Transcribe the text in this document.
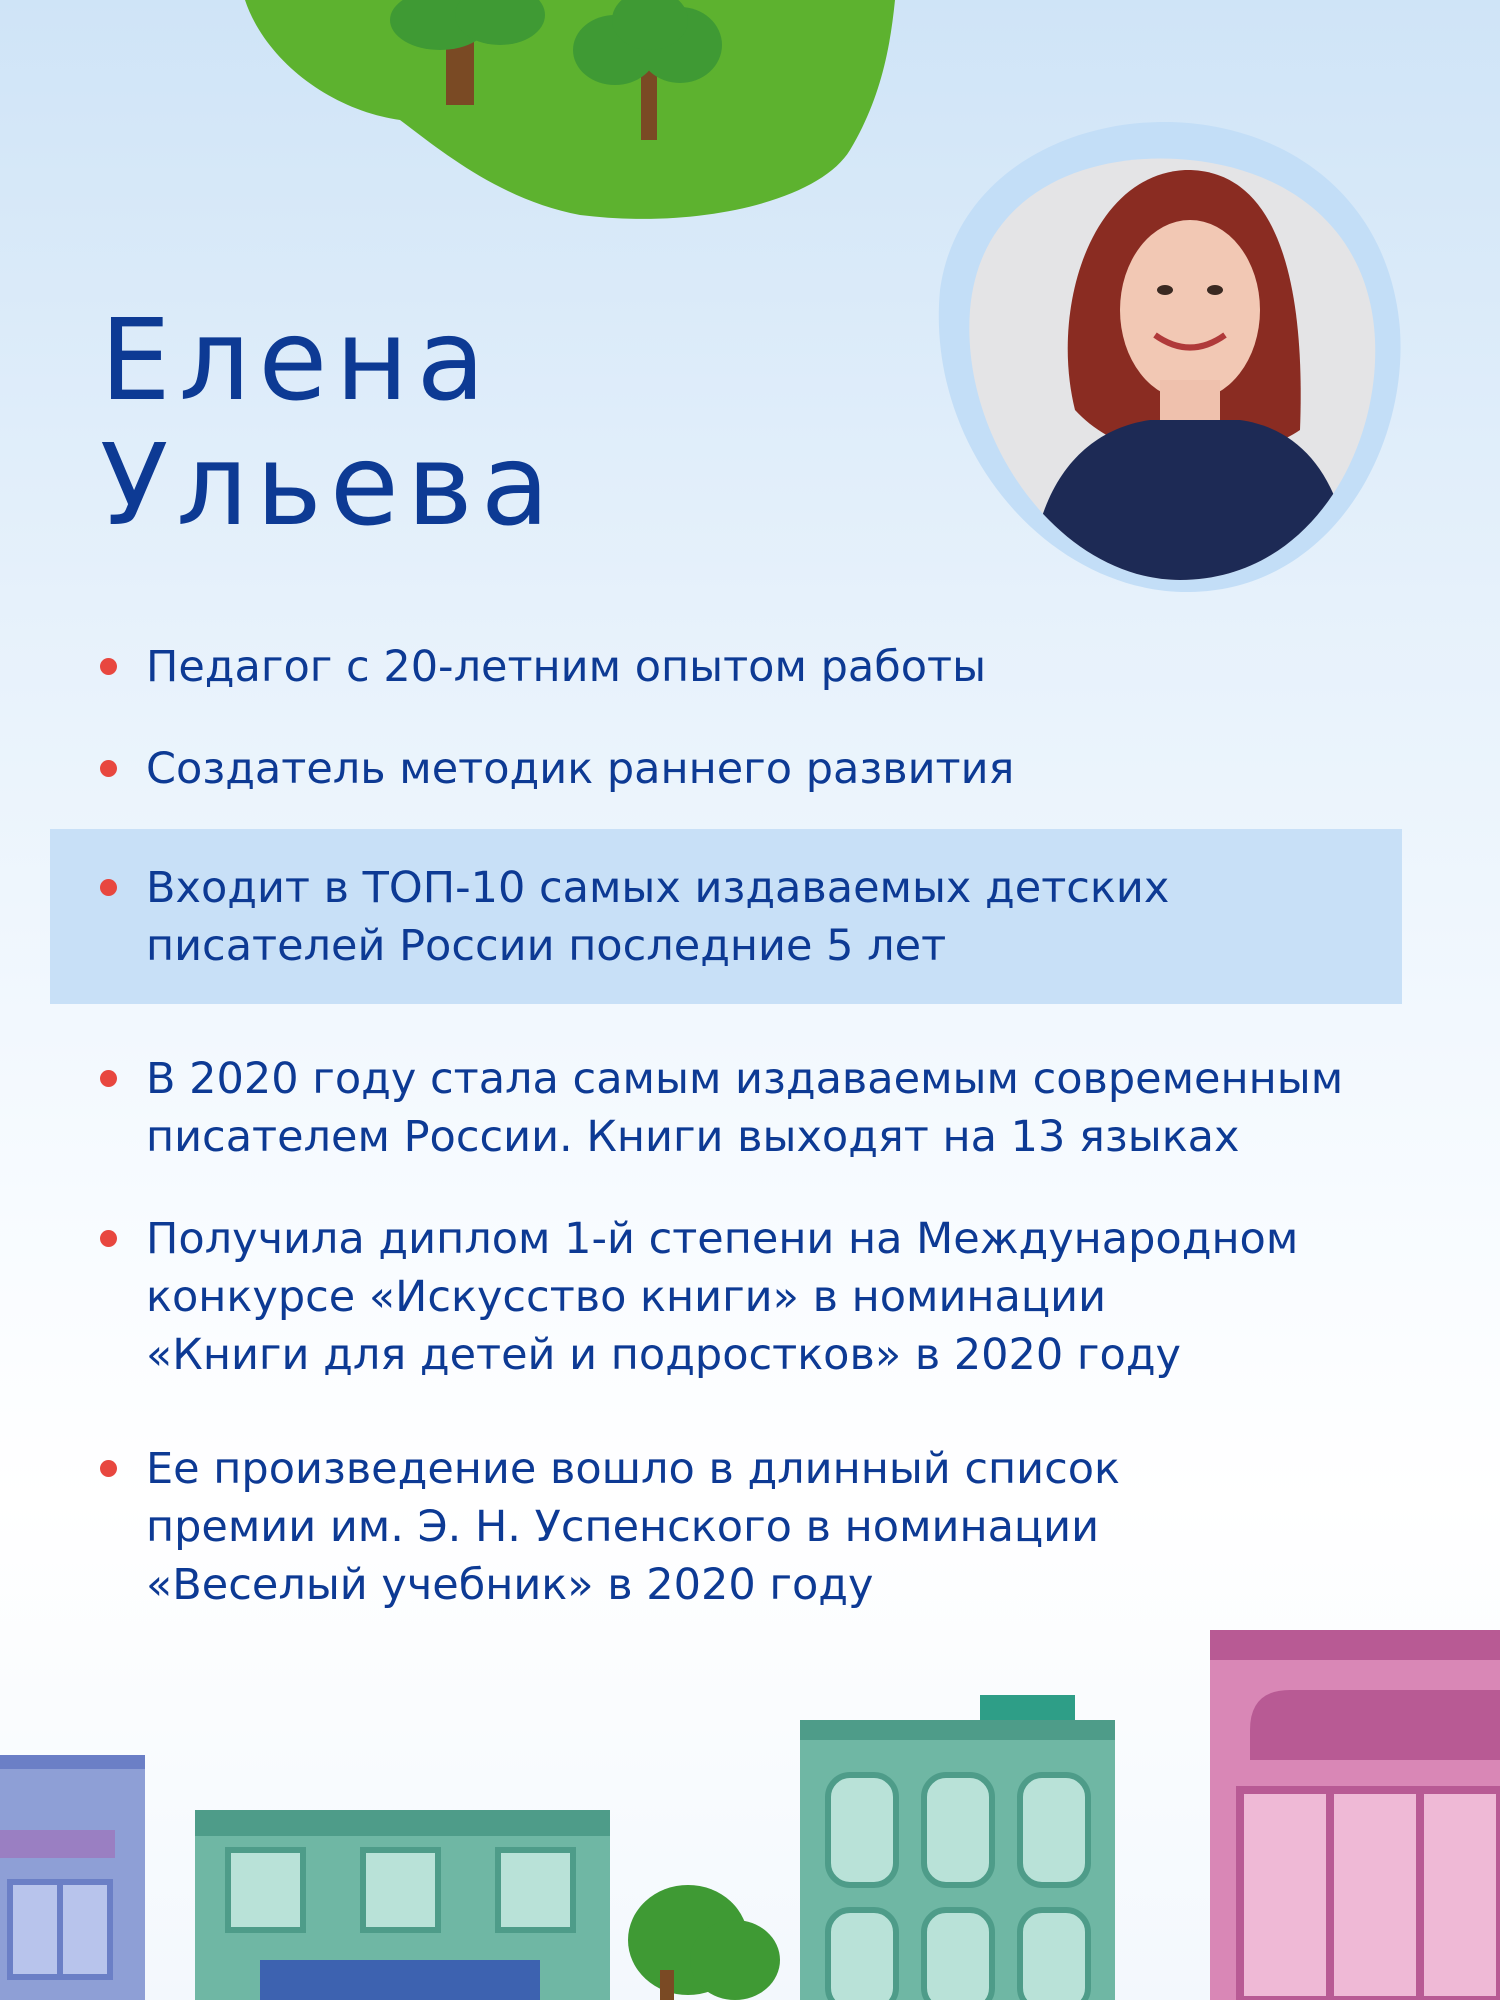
Елена
Ульева
Педагог с 20-летним опытом работы
Создатель методик раннего развития
Входит в ТОП-10 самых издаваемых детских
писателей России последние 5 лет
В 2020 году стала самым издаваемым современным
писателем России. Книги выходят на 13 языках
Получила диплом 1-й степени на Международном
конкурсе «Искусство книги» в номинации
«Книги для детей и подростков» в 2020 году
Ее произведение вошло в длинный список
премии им. Э. Н. Успенского в номинации
«Веселый учебник» в 2020 году
